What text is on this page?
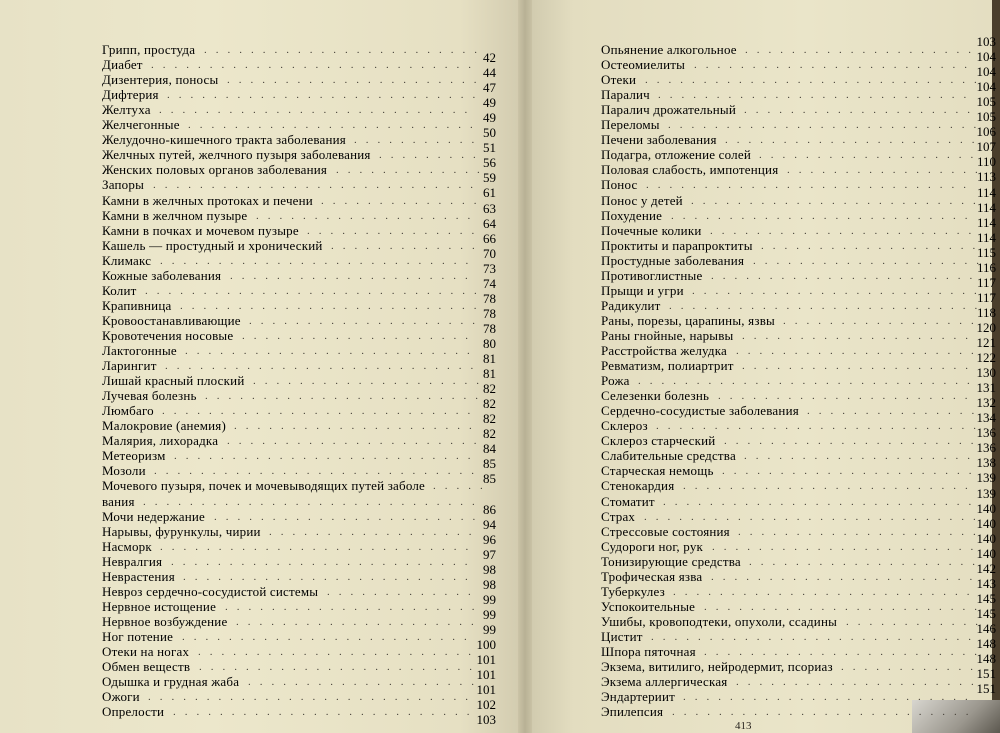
Грипп, простуда ........................
42
Диабет ............................ 44
Дизентерия, поносы ......................
47
Дифтерия ...........................
49
Желтуха ........................... 49
Желчегонные ......................... 50
Желудочно-кишечного тракта заболевания ........... 51
Желчных путей, желчного пузыря заболевания .........
56
Женских половых органов заболевания .............
59
Запоры ............................ 61
Камни в желчных протоках и печени ..............
63
Камни в желчном пузыре ................... 64
Камни в почках и мочевом пузыре ............... 66
Кашель — простудный и хронический ............. 70
Климакс ........................... 73
Кожные заболевания ..................... 74
Колит .............................
78
Крапивница ..........................
78
Кровоостанавливающие .................... 78
Кровотечения носовые .................... 80
Лактогонные ......................... 81
Ларингит ........................... 81
Лишай красный плоский ....................
82
Лучевая болезнь ........................
82
Люмбаго ........................... 82
Малокровие (анемия) ..................... 82
Малярия, лихорадка ......................
84
Метеоризм .......................... 85
Мозоли ............................ 85
Мочевого пузыря, почек и мочевыводящих путей заболе .....
вания ............................. 86
Мочи недержание .......................
94
Нарывы, фурункулы, чирии .................. 96
Насморк ........................... 97
Невралгия .......................... 98
Неврастения ......................... 98
Невроз сердечно-сосудистой системы ............. 99
Нервное истощение ...................... 99
Нервное возбуждение ..................... 99
Ног потение ......................... 100
Отеки на ногах ........................
101
Обмен веществ ........................
101
Одышка и грудная жаба ....................
101
Ожоги ............................ 102
Опрелости ..........................
103
Опьянение алкогольное ....................
103
Остеомиелиты ........................
104
Отеки .............................
104
Паралич ...........................
104
Паралич дрожательный ....................
105
Переломы ...........................
105
Печени заболевания ......................
106
Подагра, отложение солей ...................
107
Половая слабость, импотенция .................
110
Понос ............................
113
Понос у детей .........................
114
Похудение ..........................
114
Почечные колики .......................
114
Проктиты и парапроктиты ...................
114
Простудные заболевания ....................
115
Противоглистные .......................
116
Прыщи и угри .........................
117
Радикулит ...........................
117
Раны, порезы, царапины, язвы .................
118
Раны гнойные, нарывы ....................
120
Расстройства желудка .....................
121
Ревматизм, полиартрит ....................
122
Рожа .............................
130
Селезенки болезнь ......................
131
Сердечно-сосудистые заболевания ...............
132
Склероз ............................
134
Склероз старческий ......................
136
Слабительные средства ....................
136
Старческая немощь ......................
138
Стенокардия .........................
139
Стоматит ...........................
139
Страх .............................
140
Стрессовые состояния .....................
140
Судороги ног, рук .......................
140
Тонизирующие средства ....................
140
Трофическая язва .......................
142
Туберкулез ..........................
143
Успокоительные ........................
145
Ушибы, кровоподтеки, опухоли, ссадины ............
145
Цистит ............................
146
Шпора пяточная ........................
148
Экзема, витилиго, нейродермит, псориаз ............
148
Экзема аллергическая .....................
151
Эндартериит .........................
151
Эпилепсия ..........................
413
